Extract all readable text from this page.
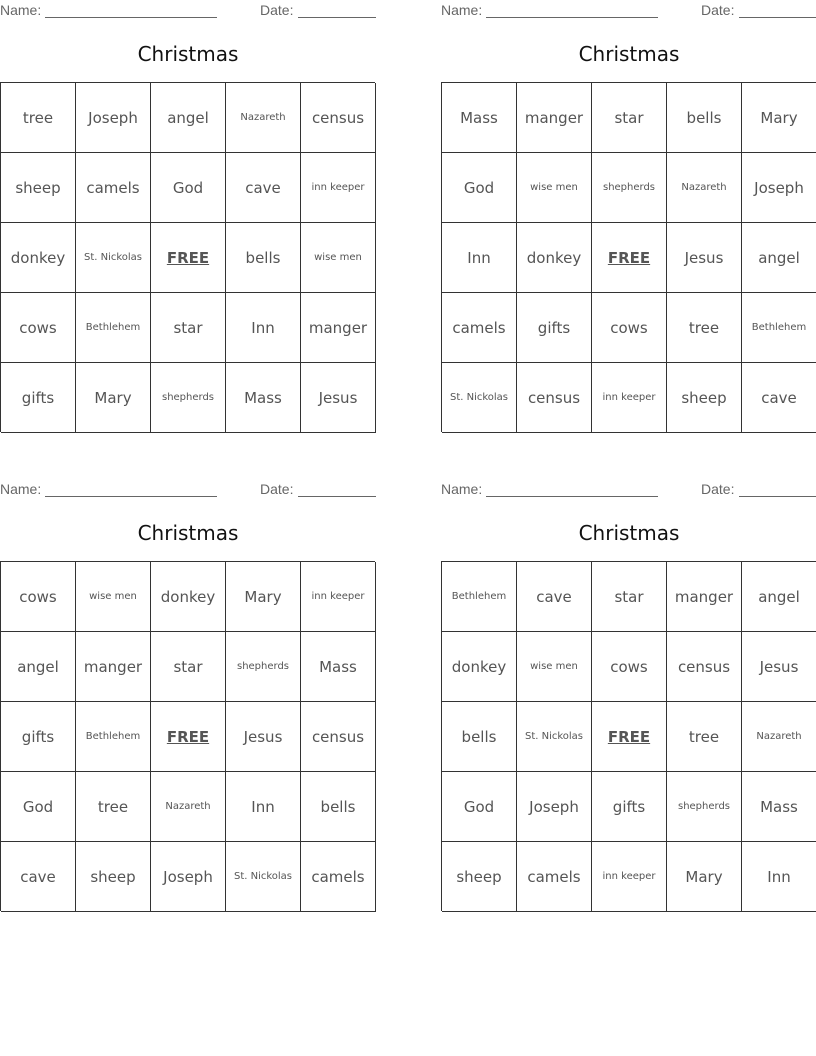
Name:	Date:
Christmas
tree	Joseph	angel	Nazareth	census
sheep	camels	God	cave	inn keeper
donkey	St. Nickolas	FREE	bells	wise men
cows	Bethlehem	star	Inn	manger
gifts	Mary	shepherds	Mass	Jesus
Name:	Date:
Christmas
Mass	manger	star	bells	Mary
God	wise men	shepherds	Nazareth	Joseph
Inn	donkey	FREE	Jesus	angel
camels	gifts	cows	tree	Bethlehem
St. Nickolas	census	inn keeper	sheep	cave
Name:	Date:
Christmas
cows	wise men	donkey	Mary	inn keeper
angel	manger	star	shepherds	Mass
gifts	Bethlehem	FREE	Jesus	census
God	tree	Nazareth	Inn	bells
cave	sheep	Joseph	St. Nickolas	camels
Name:	Date:
Christmas
Bethlehem	cave	star	manger	angel
donkey	wise men	cows	census	Jesus
bells	St. Nickolas	FREE	tree	Nazareth
God	Joseph	gifts	shepherds	Mass
sheep	camels	inn keeper	Mary	Inn
